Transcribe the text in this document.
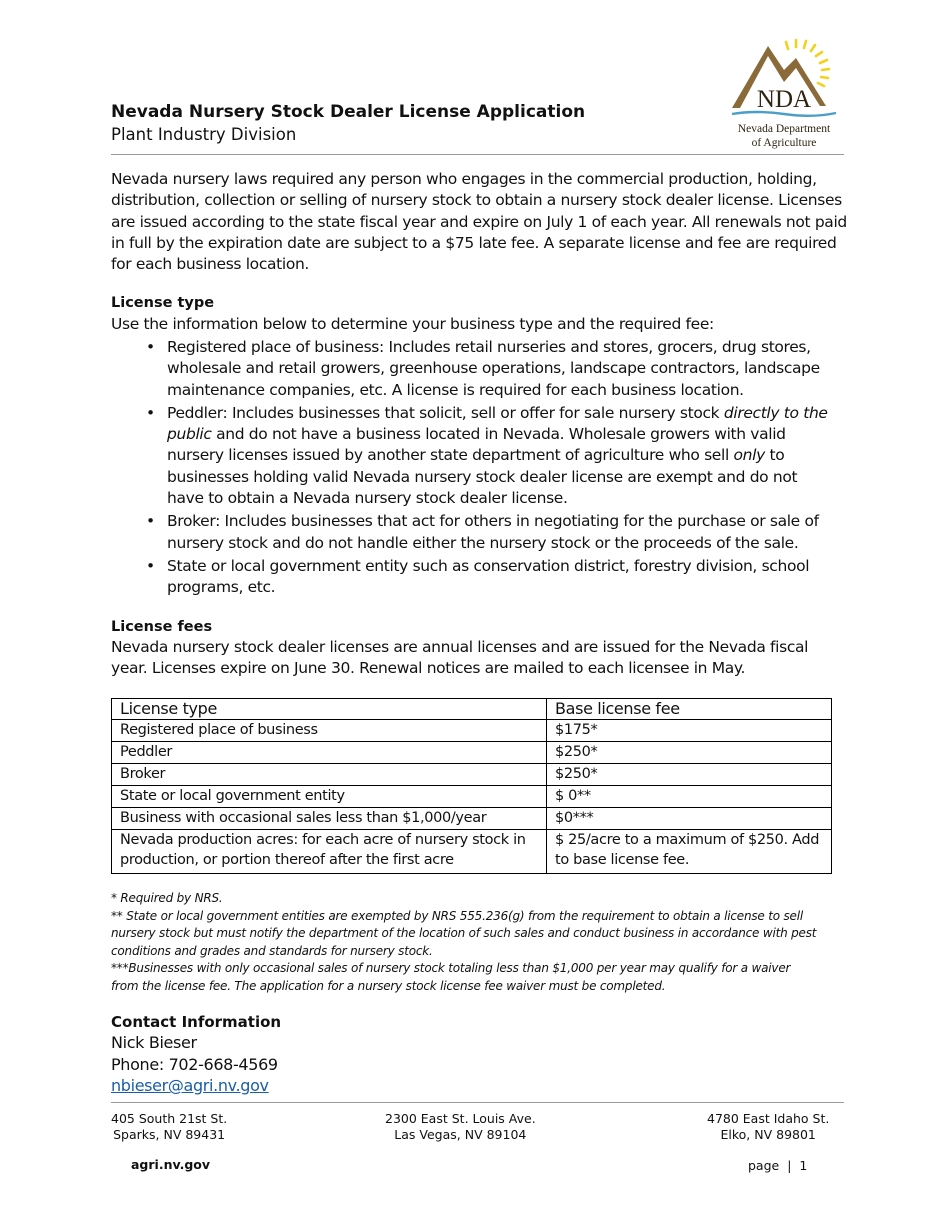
Nevada Nursery Stock Dealer License Application
Plant Industry Division
NDA
Nevada Department
of Agriculture
Nevada nursery laws required any person who engages in the commercial production, holding, distribution, collection or selling of nursery stock to obtain a nursery stock dealer license. Licenses are issued according to the state fiscal year and expire on July 1 of each year. All renewals not paid in full by the expiration date are subject to a $75 late fee. A separate license and fee are required for each business location.
License type
Use the information below to determine your business type and the required fee:
• Registered place of business: Includes retail nurseries and stores, grocers, drug stores, wholesale and retail growers, greenhouse operations, landscape contractors, landscape maintenance companies, etc. A license is required for each business location.
• Peddler: Includes businesses that solicit, sell or offer for sale nursery stock directly to the public and do not have a business located in Nevada. Wholesale growers with valid nursery licenses issued by another state department of agriculture who sell only to businesses holding valid Nevada nursery stock dealer license are exempt and do not have to obtain a Nevada nursery stock dealer license.
• Broker: Includes businesses that act for others in negotiating for the purchase or sale of nursery stock and do not handle either the nursery stock or the proceeds of the sale.
• State or local government entity such as conservation district, forestry division, school programs, etc.
License fees
Nevada nursery stock dealer licenses are annual licenses and are issued for the Nevada fiscal year. Licenses expire on June 30. Renewal notices are mailed to each licensee in May.
License type	Base license fee
Registered place of business	$175*
Peddler	$250*
Broker	$250*
State or local government entity	$ 0**
Business with occasional sales less than $1,000/year	$0***
Nevada production acres: for each acre of nursery stock in production, or portion thereof after the first acre	$ 25/acre to a maximum of $250. Add to base license fee.

* Required by NRS.

** State or local government entities are exempted by NRS 555.236(g) from the requirement to obtain a license to sell nursery stock but must notify the department of the location of such sales and conduct business in accordance with pest conditions and grades and standards for nursery stock.

***Businesses with only occasional sales of nursery stock totaling less than $1,000 per year may qualify for a waiver from the license fee. The application for a nursery stock license fee waiver must be completed.

Contact Information
Nick Bieser
Phone: 702-668-4569
nbieser@agri.nv.gov
405 South 21st St.
Sparks, NV 89431
2300 East St. Louis Ave.
Las Vegas, NV 89104
4780 East Idaho St.
Elko, NV 89801
agri.nv.gov	page | 1
